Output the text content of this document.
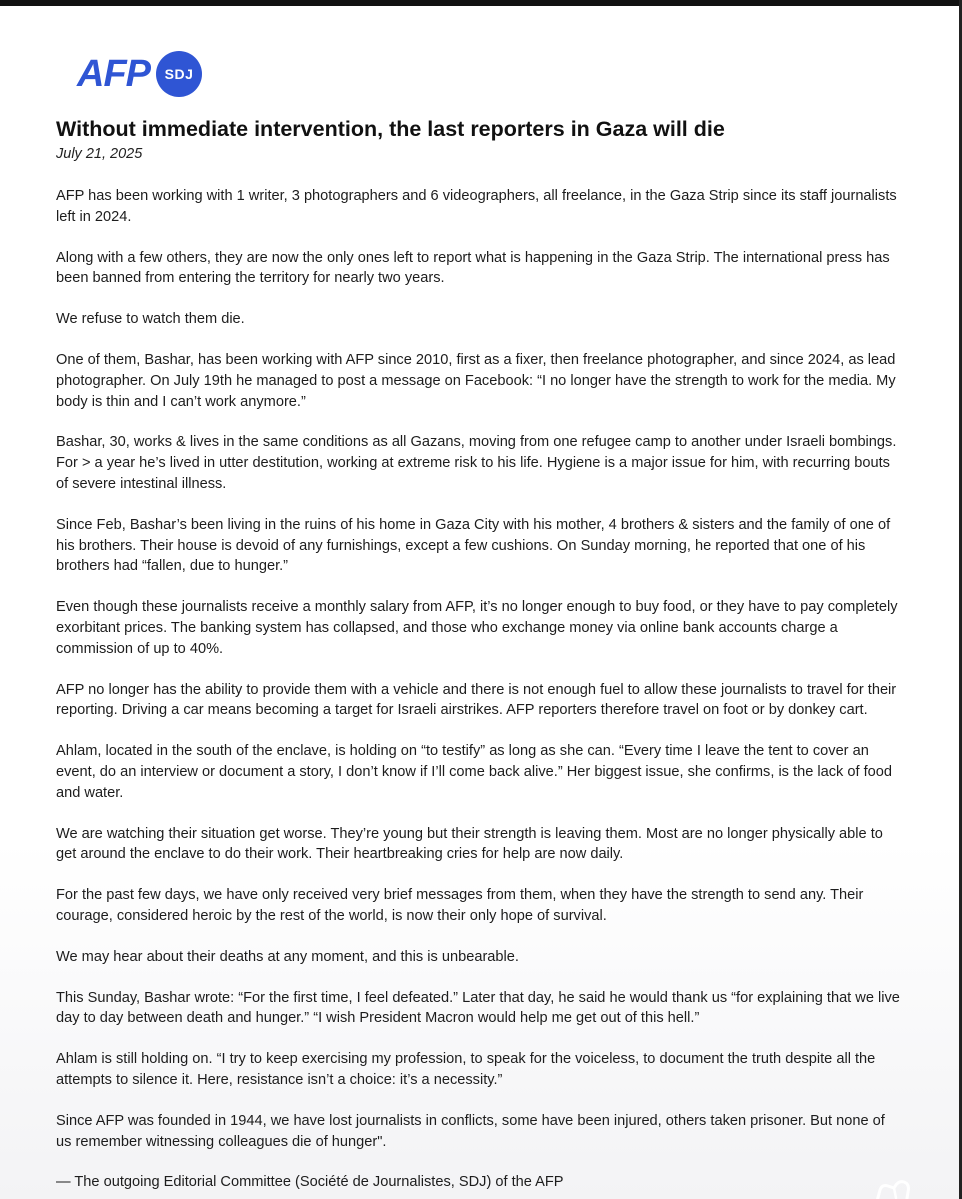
AFP	SDJ
Without immediate intervention, the last reporters in Gaza will die
July 21, 2025

AFP has been working with 1 writer, 3 photographers and 6 videographers, all freelance, in the Gaza Strip since its staff journalists left in 2024.

Along with a few others, they are now the only ones left to report what is happening in the Gaza Strip. The international press has been banned from entering the territory for nearly two years.

We refuse to watch them die.

One of them, Bashar, has been working with AFP since 2010, first as a fixer, then freelance photographer, and since 2024, as lead photographer. On July 19th he managed to post a message on Facebook: “I no longer have the strength to work for the media. My body is thin and I can’t work anymore.”

Bashar, 30, works & lives in the same conditions as all Gazans, moving from one refugee camp to another under Israeli bombings. For > a year he’s lived in utter destitution, working at extreme risk to his life. Hygiene is a major issue for him, with recurring bouts of severe intestinal illness.

Since Feb, Bashar’s been living in the ruins of his home in Gaza City with his mother, 4 brothers & sisters and the family of one of his brothers. Their house is devoid of any furnishings, except a few cushions. On Sunday morning, he reported that one of his brothers had “fallen, due to hunger.”

Even though these journalists receive a monthly salary from AFP, it’s no longer enough to buy food, or they have to pay completely exorbitant prices. The banking system has collapsed, and those who exchange money via online bank accounts charge a commission of up to 40%.

AFP no longer has the ability to provide them with a vehicle and there is not enough fuel to allow these journalists to travel for their reporting. Driving a car means becoming a target for Israeli airstrikes. AFP reporters therefore travel on foot or by donkey cart.

Ahlam, located in the south of the enclave, is holding on “to testify” as long as she can. “Every time I leave the tent to cover an event, do an interview or document a story, I don’t know if I’ll come back alive.” Her biggest issue, she confirms, is the lack of food and water.

We are watching their situation get worse. They’re young but their strength is leaving them. Most are no longer physically able to get around the enclave to do their work. Their heartbreaking cries for help are now daily.

For the past few days, we have only received very brief messages from them, when they have the strength to send any. Their courage, considered heroic by the rest of the world, is now their only hope of survival.

We may hear about their deaths at any moment, and this is unbearable.

This Sunday, Bashar wrote: “For the first time, I feel defeated.” Later that day, he said he would thank us “for explaining that we live day to day between death and hunger.” “I wish President Macron would help me get out of this hell.”

Ahlam is still holding on. “I try to keep exercising my profession, to speak for the voiceless, to document the truth despite all the attempts to silence it. Here, resistance isn’t a choice: it’s a necessity.”

Since AFP was founded in 1944, we have lost journalists in conflicts, some have been injured, others taken prisoner. But none of us remember witnessing colleagues die of hunger".

— The outgoing Editorial Committee (Société de Journalistes, SDJ) of the AFP
